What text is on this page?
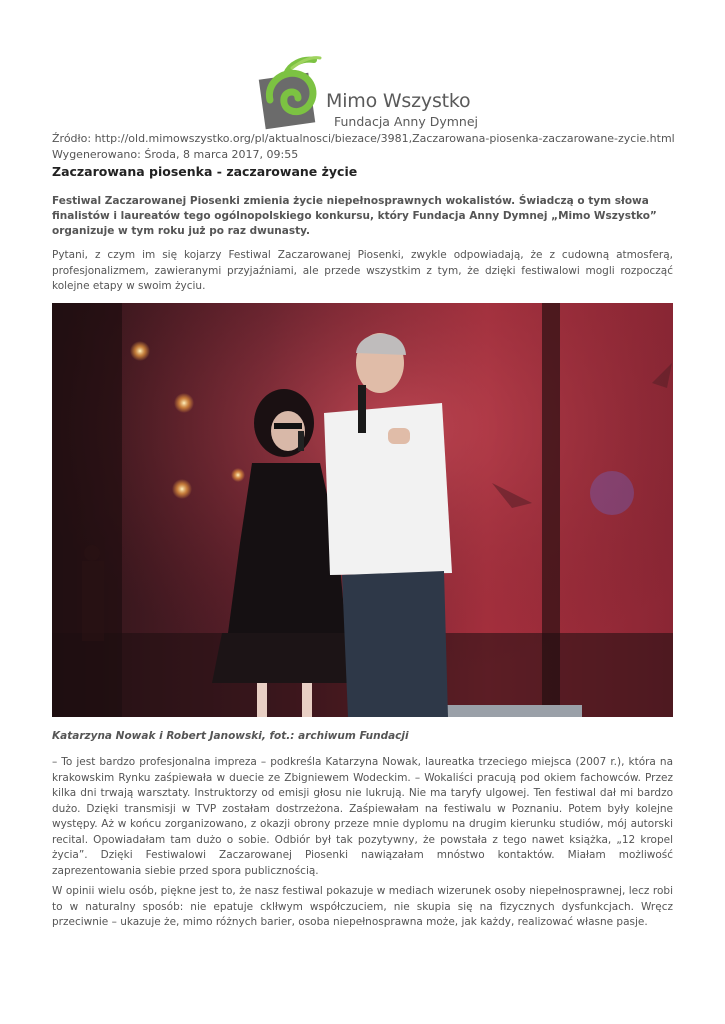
Mimo Wszystko
Fundacja Anny Dymnej
Źródło: http://old.mimowszystko.org/pl/aktualnosci/biezace/3981,Zaczarowana-piosenka-zaczarowane-zycie.html
Wygenerowano: Środa, 8 marca 2017, 09:55
Zaczarowana piosenka - zaczarowane życie

Festiwal Zaczarowanej Piosenki zmienia życie niepełnosprawnych wokalistów. Świadczą o tym słowa finalistów i laureatów tego ogólnopolskiego konkursu, który Fundacja Anny Dymnej „Mimo Wszystko” organizuje w tym roku już po raz dwunasty.

Pytani, z czym im się kojarzy Festiwal Zaczarowanej Piosenki, zwykle odpowiadają, że z cudowną atmosferą, profesjonalizmem, zawieranymi przyjaźniami, ale przede wszystkim z tym, że dzięki festiwalowi mogli rozpocząć kolejne etapy w swoim życiu.

Katarzyna Nowak i Robert Janowski, fot.: archiwum Fundacji

– To jest bardzo profesjonalna impreza – podkreśla Katarzyna Nowak, laureatka trzeciego miejsca (2007 r.), która na krakowskim Rynku zaśpiewała w duecie ze Zbigniewem Wodeckim. – Wokaliści pracują pod okiem fachowców. Przez kilka dni trwają warsztaty. Instruktorzy od emisji głosu nie lukrują. Nie ma taryfy ulgowej. Ten festiwal dał mi bardzo dużo. Dzięki transmisji w TVP zostałam dostrzeżona. Zaśpiewałam na festiwalu w Poznaniu. Potem były kolejne występy. Aż w końcu zorganizowano, z okazji obrony przeze mnie dyplomu na drugim kierunku studiów, mój autorski recital. Opowiadałam tam dużo o sobie. Odbiór był tak pozytywny, że powstała z tego nawet książka, „12 kropel życia”. Dzięki Festiwalowi Zaczarowanej Piosenki nawiązałam mnóstwo kontaktów. Miałam możliwość zaprezentowania siebie przed spora publicznością.

W opinii wielu osób, piękne jest to, że nasz festiwal pokazuje w mediach wizerunek osoby niepełnosprawnej, lecz robi to w naturalny sposób: nie epatuje cklłwym współczuciem, nie skupia się na fizycznych dysfunkcjach. Wręcz przeciwnie – ukazuje że, mimo różnych barier, osoba niepełnosprawna może, jak każdy, realizować własne pasje.
